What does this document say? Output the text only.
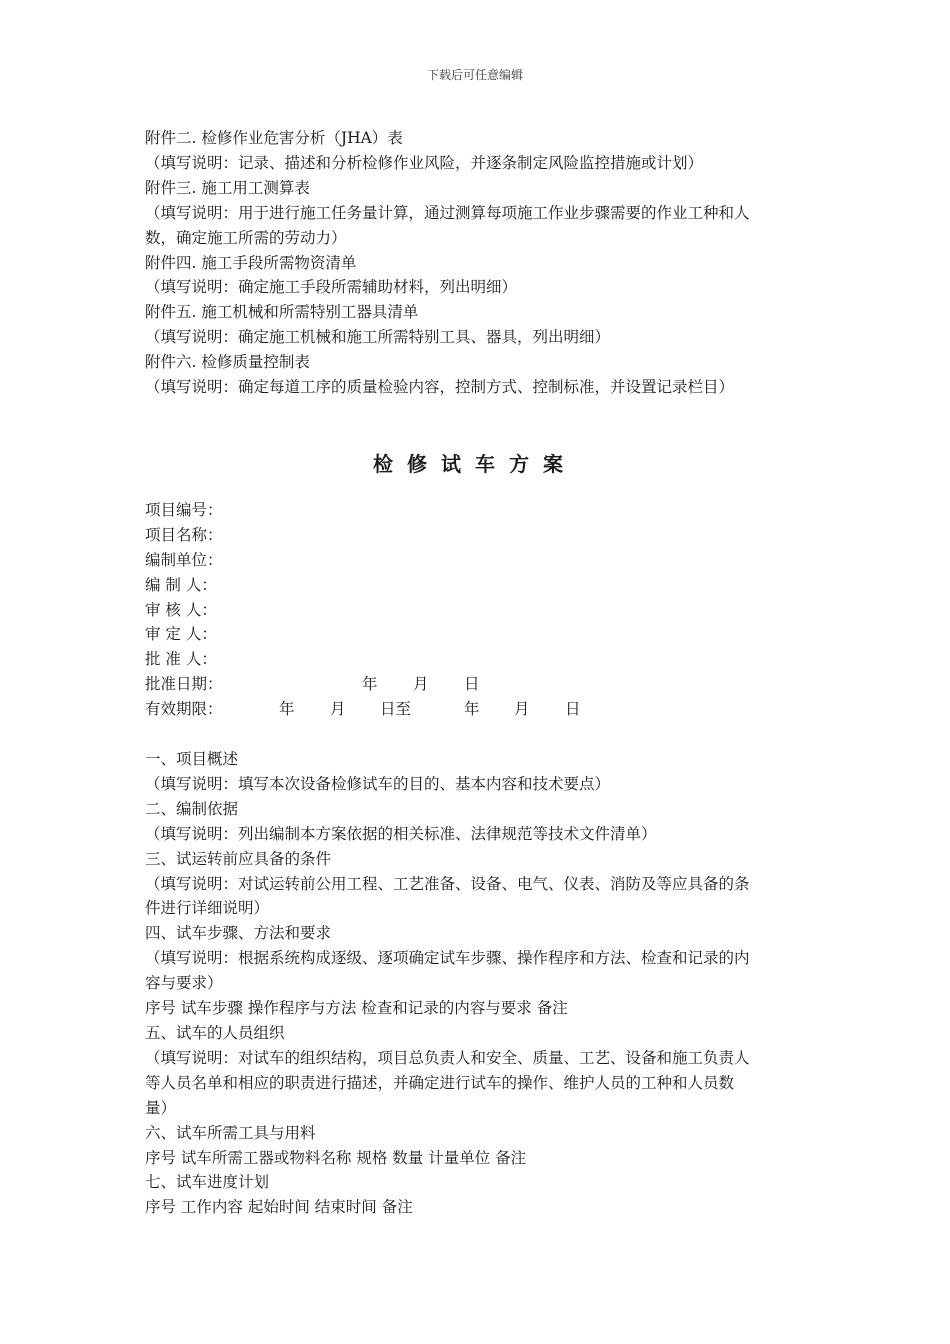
下载后可任意编辑
附件二. 检修作业危害分析（JHA）表
（填写说明：记录、描述和分析检修作业风险，并逐条制定风险监控措施或计划）
附件三. 施工用工测算表
（填写说明：用于进行施工任务量计算，通过测算每项施工作业步骤需要的作业工种和人
数，确定施工所需的劳动力）
附件四. 施工手段所需物资清单
（填写说明：确定施工手段所需辅助材料，列出明细）
附件五. 施工机械和所需特别工器具清单
（填写说明：确定施工机械和施工所需特别工具、器具，列出明细）
附件六. 检修质量控制表
（填写说明：确定每道工序的质量检验内容，控制方式、控制标准，并设置记录栏目）
检修试车方案
项目编号：
项目名称：
编制单位：
编 制 人：
审 核 人：
审 定 人：
批 准 人：
批准日期：	年 月 日
有效期限：	年 月 日至	年 月 日
一、项目概述
（填写说明：填写本次设备检修试车的目的、基本内容和技术要点）
二、编制依据
（填写说明：列出编制本方案依据的相关标准、法律规范等技术文件清单）
三、试运转前应具备的条件
（填写说明：对试运转前公用工程、工艺准备、设备、电气、仪表、消防及等应具备的条
件进行详细说明）
四、试车步骤、方法和要求
（填写说明：根据系统构成逐级、逐项确定试车步骤、操作程序和方法、检查和记录的内
容与要求）
序号 试车步骤 操作程序与方法 检查和记录的内容与要求 备注
五、试车的人员组织
（填写说明：对试车的组织结构，项目总负责人和安全、质量、工艺、设备和施工负责人
等人员名单和相应的职责进行描述，并确定进行试车的操作、维护人员的工种和人员数
量）
六、试车所需工具与用料
序号 试车所需工器或物料名称 规格 数量 计量单位 备注
七、试车进度计划
序号 工作内容 起始时间 结束时间 备注
